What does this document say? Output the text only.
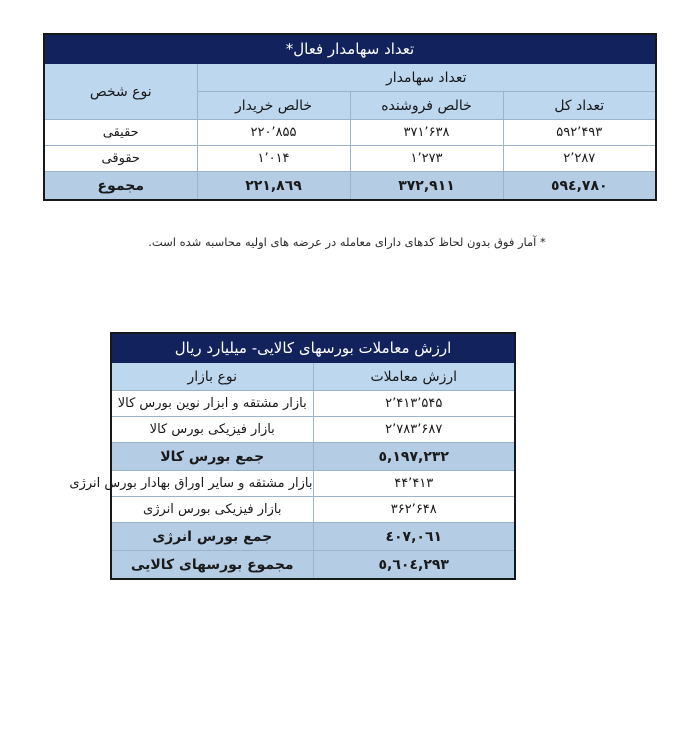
تعداد سهامدار فعال*			
تعداد سهامدار			نوع شخص
تعداد کل	خالص فروشنده	خالص خریدار	
۵۹۲٬۴۹۳	۳۷۱٬۶۳۸	۲۲۰٬۸۵۵	حقیقی
۲٬۲۸۷	۱٬۲۷۳	۱٬۰۱۴	حقوقی
٥٩٤,٧٨٠	٣٧٢,٩١١	٢٢١,٨٦٩	مجموع
* آمار فوق بدون لحاظ کدهای دارای معامله در عرضه های اولیه محاسبه شده است.
ارزش معاملات بورسهای کالایی- میلیارد ریال	
ارزش معاملات	نوع بازار
۲٬۴۱۳٬۵۴۵	بازار مشتقه و ابزار نوین بورس کالا
۲٬۷۸۳٬۶۸۷	بازار فیزیکی بورس کالا
٥,١٩٧,٢٣٢	جمع بورس کالا
۴۴٬۴۱۳	بازار مشتقه و سایر اوراق بهادار بورس انرژی
۳۶۲٬۶۴۸	بازار فیزیکی بورس انرژی
٤٠٧,٠٦١	جمع بورس انرژی
٥,٦٠٤,٢٩٣	مجموع بورسهای کالایی
